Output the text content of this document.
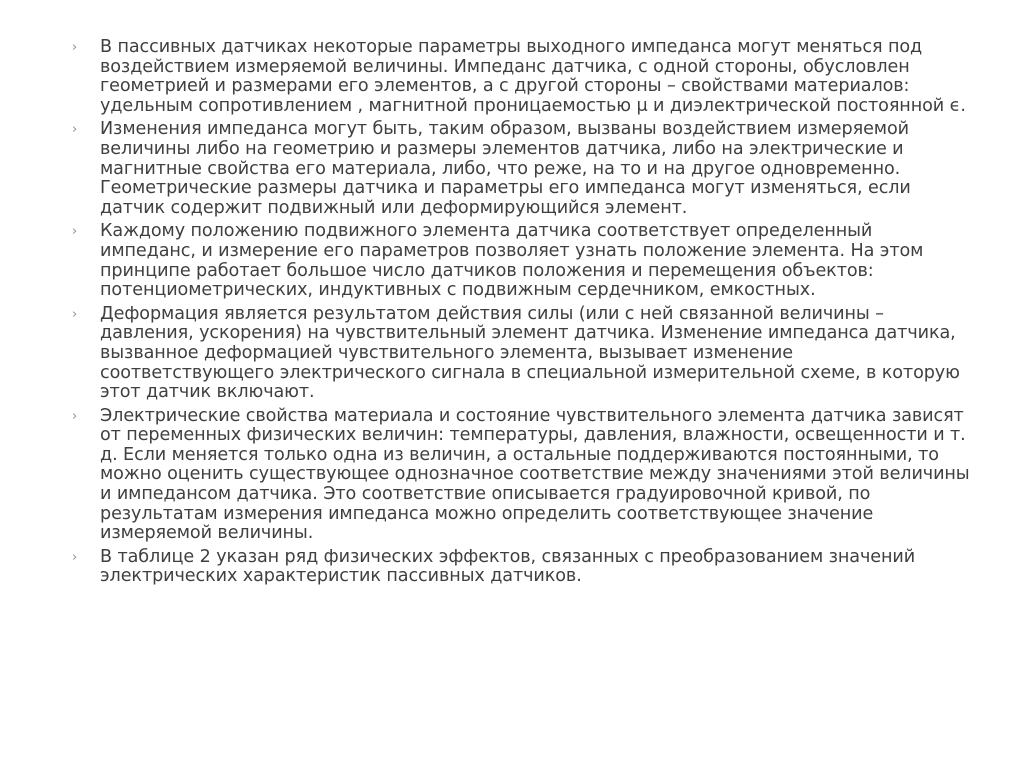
› В пассивных датчиках некоторые параметры выходного импеданса могут меняться под воздействием измеряемой величины. Импеданс датчика, с одной стороны, обусловлен геометрией и размерами его элементов, а с другой стороны – свойствами материалов: удельным сопротивлением , магнитной проницаемостью μ и диэлектрической постоянной ϵ.
› Изменения импеданса могут быть, таким образом, вызваны воздействием измеряемой величины либо на геометрию и размеры элементов датчика, либо на электрические и магнитные свойства его материала, либо, что реже, на то и на другое одновременно. Геометрические размеры датчика и параметры его импеданса могут изменяться, если датчик содержит подвижный или деформирующийся элемент.
› Каждому положению подвижного элемента датчика соответствует определенный импеданс, и измерение его параметров позволяет узнать положение элемента. На этом принципе работает большое число датчиков положения и перемещения объектов: потенциометрических, индуктивных с подвижным сердечником, емкостных.
› Деформация является результатом действия силы (или с ней связанной величины – давления, ускорения) на чувствительный элемент датчика. Изменение импеданса датчика, вызванное деформацией чувствительного элемента, вызывает изменение соответствующего электрического сигнала в специальной измерительной схеме, в которую этот датчик включают.
› Электрические свойства материала и состояние чувствительного элемента датчика зависят от переменных физических величин: температуры, давления, влажности, освещенности и т. д. Если меняется только одна из величин, а остальные поддерживаются постоянными, то можно оценить существующее однозначное соответствие между значениями этой величины и импедансом датчика. Это соответствие описывается градуировочной кривой, по результатам измерения импеданса можно определить соответствующее значение измеряемой величины.
› В таблице 2 указан ряд физических эффектов, связанных с преобразованием значений электрических характеристик пассивных датчиков.
